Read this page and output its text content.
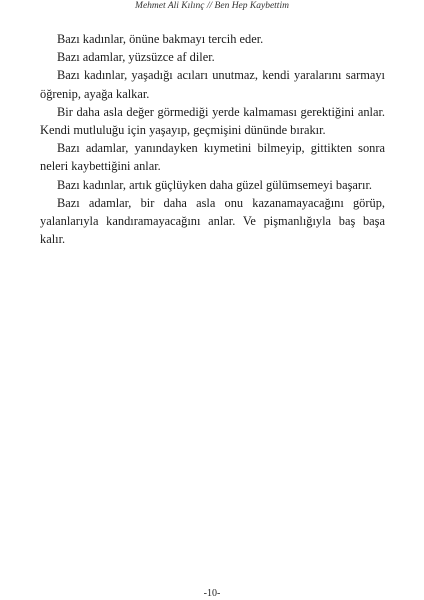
Mehmet Ali Kılınç // Ben Hep Kaybettim

Bazı kadınlar, önüne bakmayı tercih eder.

Bazı adamlar, yüzsüzce af diler.

Bazı kadınlar, yaşadığı acıları unutmaz, kendi yaralarını sarmayı öğrenip, ayağa kalkar.

Bir daha asla değer görmediği yerde kalmaması gerektiğini anlar. Kendi mutluluğu için yaşayıp, geçmişini dününde bırakır.

Bazı adamlar, yanındayken kıymetini bilmeyip, gittikten sonra neleri kaybettiğini anlar.

Bazı kadınlar, artık güçlüyken daha güzel gülümsemeyi başarır.

Bazı adamlar, bir daha asla onu kazanamayacağını görüp, yalanlarıyla kandıramayacağını anlar. Ve pişmanlığıyla baş başa kalır.

-10-
